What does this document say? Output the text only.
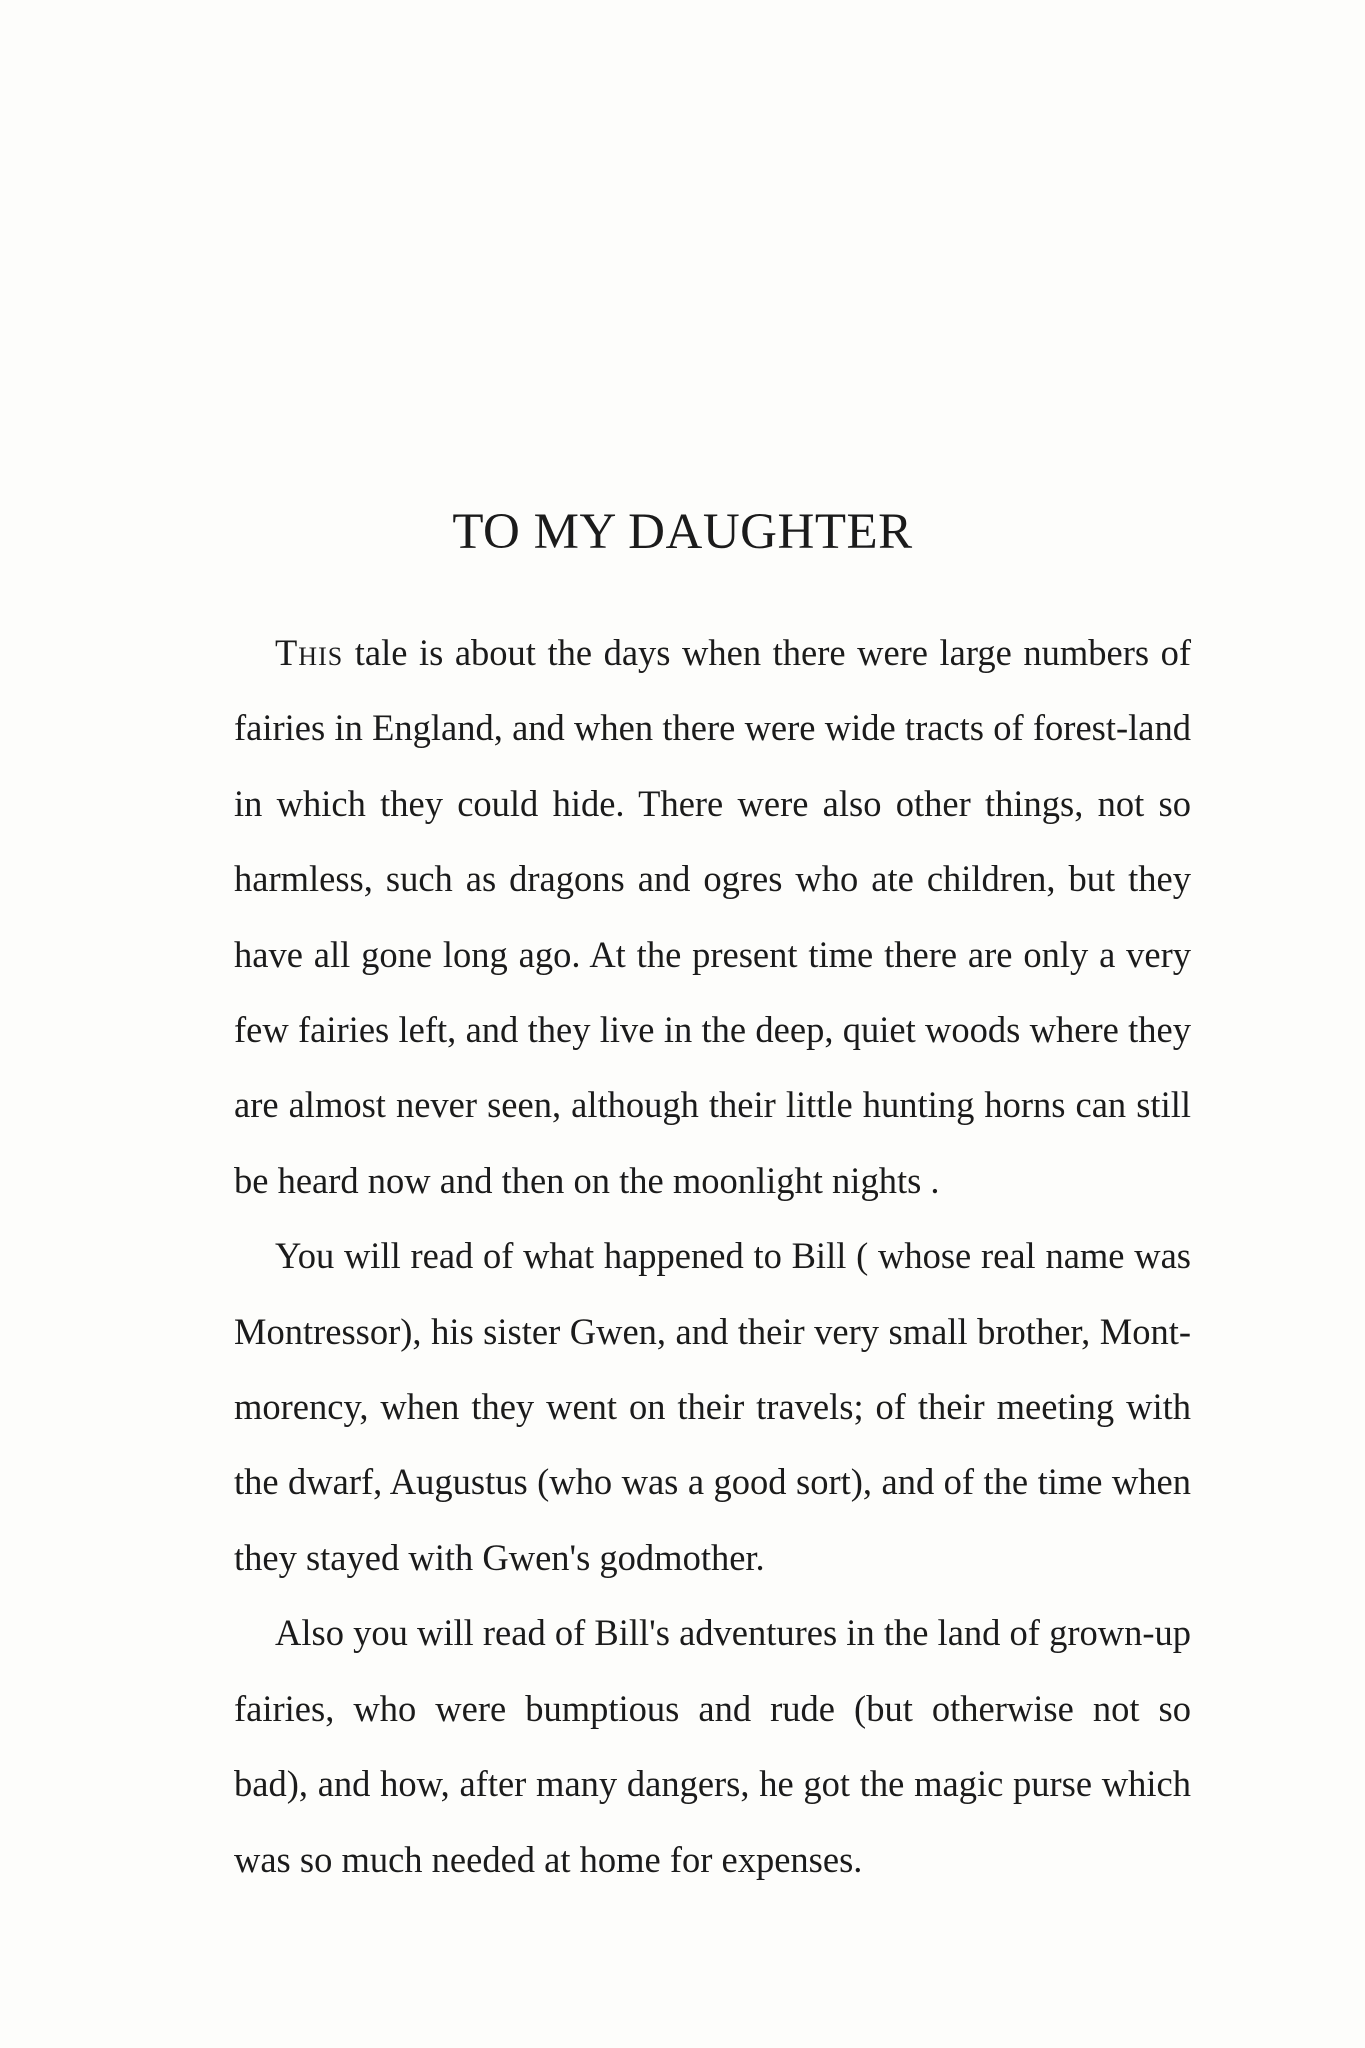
TO MY DAUGHTER

This tale is about the days when there were large numbers of
fairies in England, and when there were wide tracts of forest-land
in which they could hide. There were also other things, not so
harmless, such as dragons and ogres who ate children, but they
have all gone long ago. At the present time there are only a very
few fairies left, and they live in the deep, quiet woods where they
are almost never seen, although their little hunting horns can still
be heard now and then on the moonlight nights .

You will read of what happened to Bill ( whose real name was
Montressor), his sister Gwen, and their very small brother, Mont-
morency, when they went on their travels; of their meeting with
the dwarf, Augustus (who was a good sort), and of the time when
they stayed with Gwen's godmother.

Also you will read of Bill's adventures in the land of grown-up
fairies, who were bumptious and rude (but otherwise not so
bad), and how, after many dangers, he got the magic purse which
was so much needed at home for expenses.
